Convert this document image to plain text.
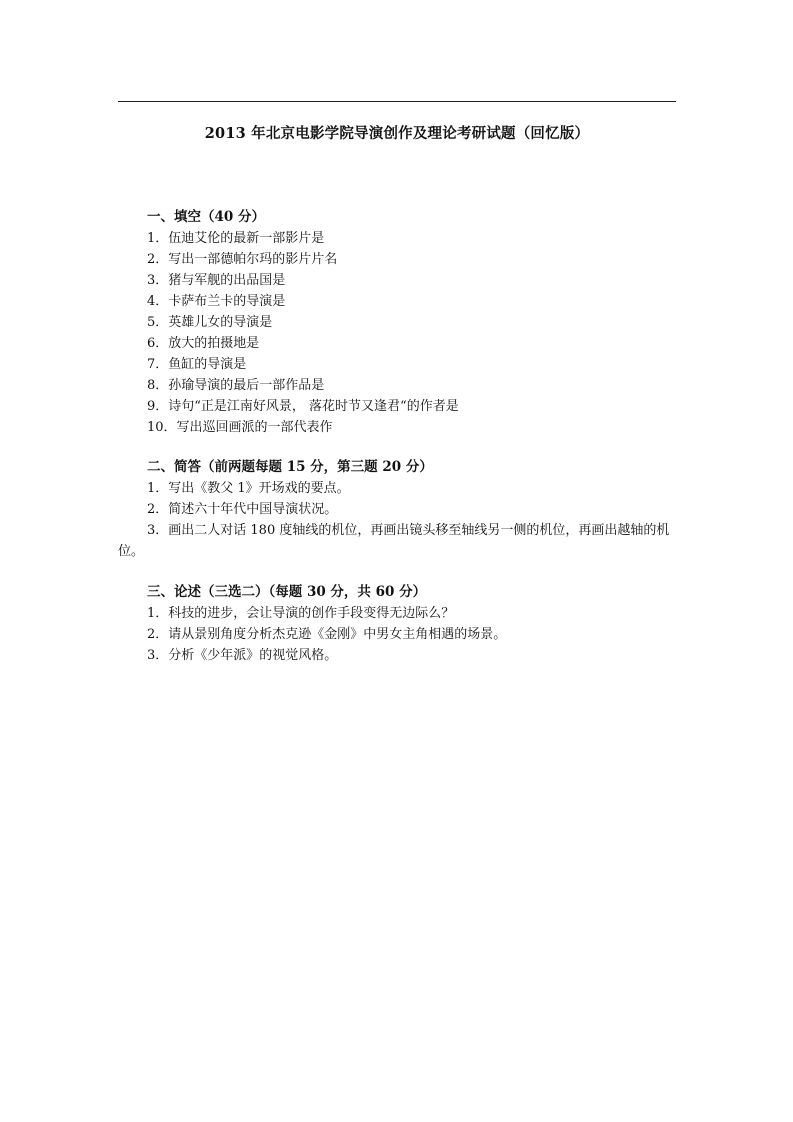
2013 年北京电影学院导演创作及理论考研试题（回忆版）
一、填空（40 分）
1．伍迪艾伦的最新一部影片是
2．写出一部德帕尔玛的影片片名
3．猪与军舰的出品国是
4．卡萨布兰卡的导演是
5．英雄儿女的导演是
6．放大的拍摄地是
7．鱼缸的导演是
8．孙瑜导演的最后一部作品是
9．诗句“正是江南好风景， 落花时节又逢君“的作者是
10．写出巡回画派的一部代表作
二、简答（前两题每题 15 分，第三题 20 分）
1．写出《教父 1》开场戏的要点。
2．简述六十年代中国导演状况。
3．画出二人对话 180 度轴线的机位，再画出镜头移至轴线另一侧的机位，再画出越轴的机位。
三、论述（三选二）（每题 30 分，共 60 分）
1．科技的进步，会让导演的创作手段变得无边际么？
2．请从景别角度分析杰克逊《金刚》中男女主角相遇的场景。
3．分析《少年派》的视觉风格。
